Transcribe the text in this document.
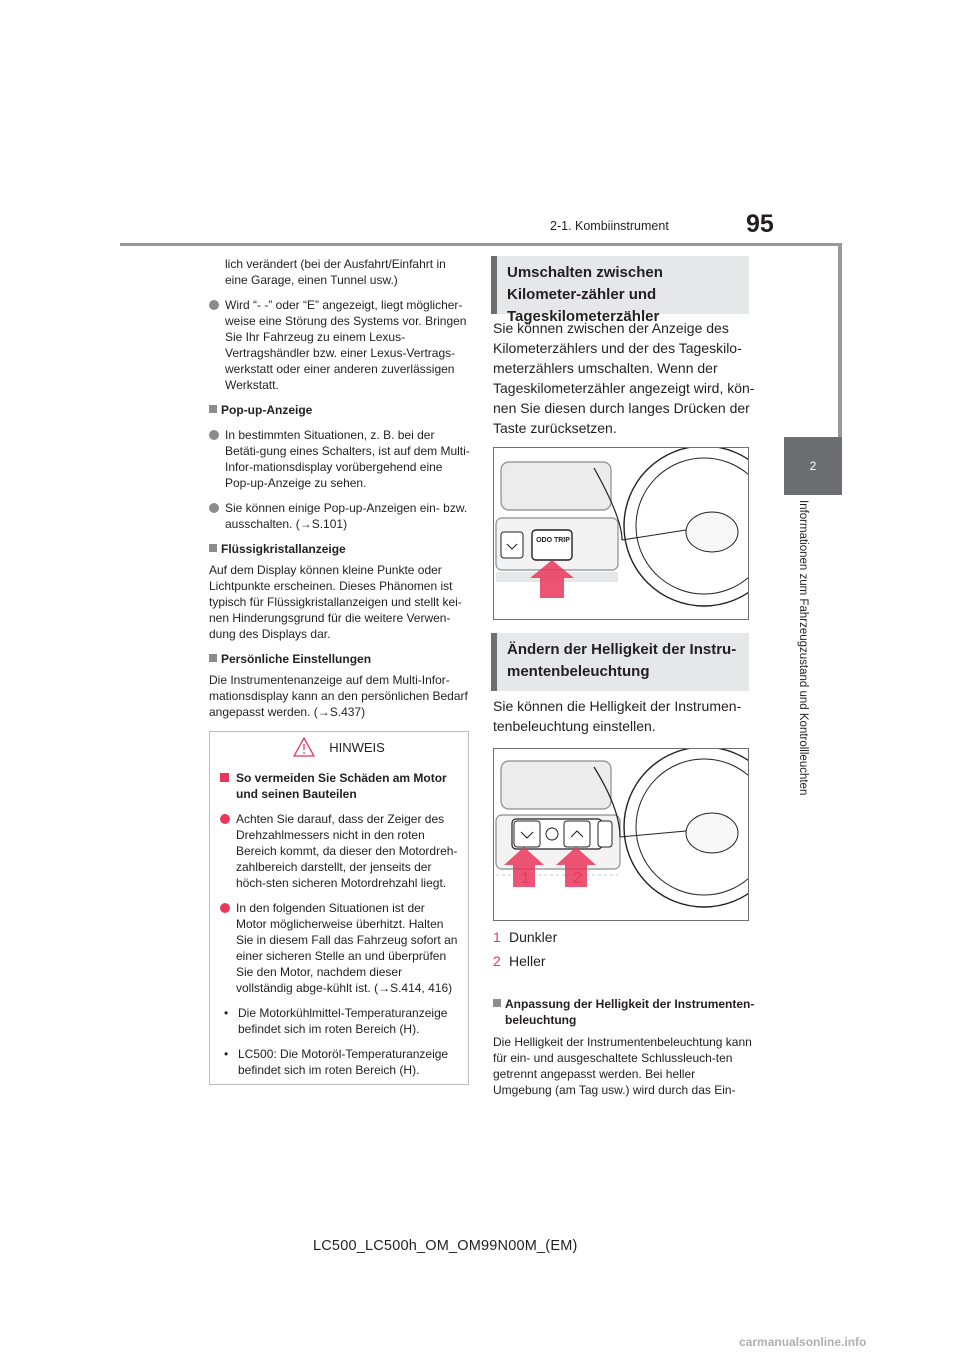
2-1. Kombiinstrument	95
2
Informationen zum Fahrzeugzustand und Kontrollleuchten
lich verändert (bei der Ausfahrt/Einfahrt in eine Garage, einen Tunnel usw.)
Wird “- -” oder “E” angezeigt, liegt möglicher-weise eine Störung des Systems vor. Bringen Sie Ihr Fahrzeug zu einem Lexus-Vertragshändler bzw. einer Lexus-Vertrags-werkstatt oder einer anderen zuverlässigen Werkstatt.
Pop-up-Anzeige
In bestimmten Situationen, z. B. bei der Betäti-gung eines Schalters, ist auf dem Multi-Infor-mationsdisplay vorübergehend eine Pop-up-Anzeige zu sehen.
Sie können einige Pop-up-Anzeigen ein- bzw. ausschalten. (→S.101)
Flüssigkristallanzeige
Auf dem Display können kleine Punkte oder Lichtpunkte erscheinen. Dieses Phänomen ist typisch für Flüssigkristallanzeigen und stellt kei-nen Hinderungsgrund für die weitere Verwen-dung des Displays dar.
Persönliche Einstellungen
Die Instrumentenanzeige auf dem Multi-Infor-mationsdisplay kann an den persönlichen Bedarf angepasst werden. (→S.437)
HINWEIS
So vermeiden Sie Schäden am Motor und seinen Bauteilen
Achten Sie darauf, dass der Zeiger des Drehzahlmessers nicht in den roten Bereich kommt, da dieser den Motordreh-zahlbereich darstellt, der jenseits der höch-sten sicheren Motordrehzahl liegt.
In den folgenden Situationen ist der Motor möglicherweise überhitzt. Halten Sie in diesem Fall das Fahrzeug sofort an einer sicheren Stelle an und überprüfen Sie den Motor, nachdem dieser vollständig abge-kühlt ist. (→S.414, 416)
• Die Motorkühlmittel-Temperaturanzeige befindet sich im roten Bereich (H).
• LC500: Die Motoröl-Temperaturanzeige befindet sich im roten Bereich (H).
Umschalten zwischen Kilometer-zähler und Tageskilometerzähler
Sie können zwischen der Anzeige des Kilometerzählers und der des Tageskilo-meterzählers umschalten. Wenn der Tageskilometerzähler angezeigt wird, kön-nen Sie diesen durch langes Drücken der Taste zurücksetzen.
ODO TRIP
Ändern der Helligkeit der Instru-mentenbeleuchtung
Sie können die Helligkeit der Instrumen-tenbeleuchtung einstellen.
1	2
1 Dunkler
2 Heller
Anpassung der Helligkeit der Instrumenten-beleuchtung
Die Helligkeit der Instrumentenbeleuchtung kann für ein- und ausgeschaltete Schlussleuch-ten getrennt angepasst werden. Bei heller Umgebung (am Tag usw.) wird durch das Ein-
LC500_LC500h_OM_OM99N00M_(EM)
carmanualsonline.info
